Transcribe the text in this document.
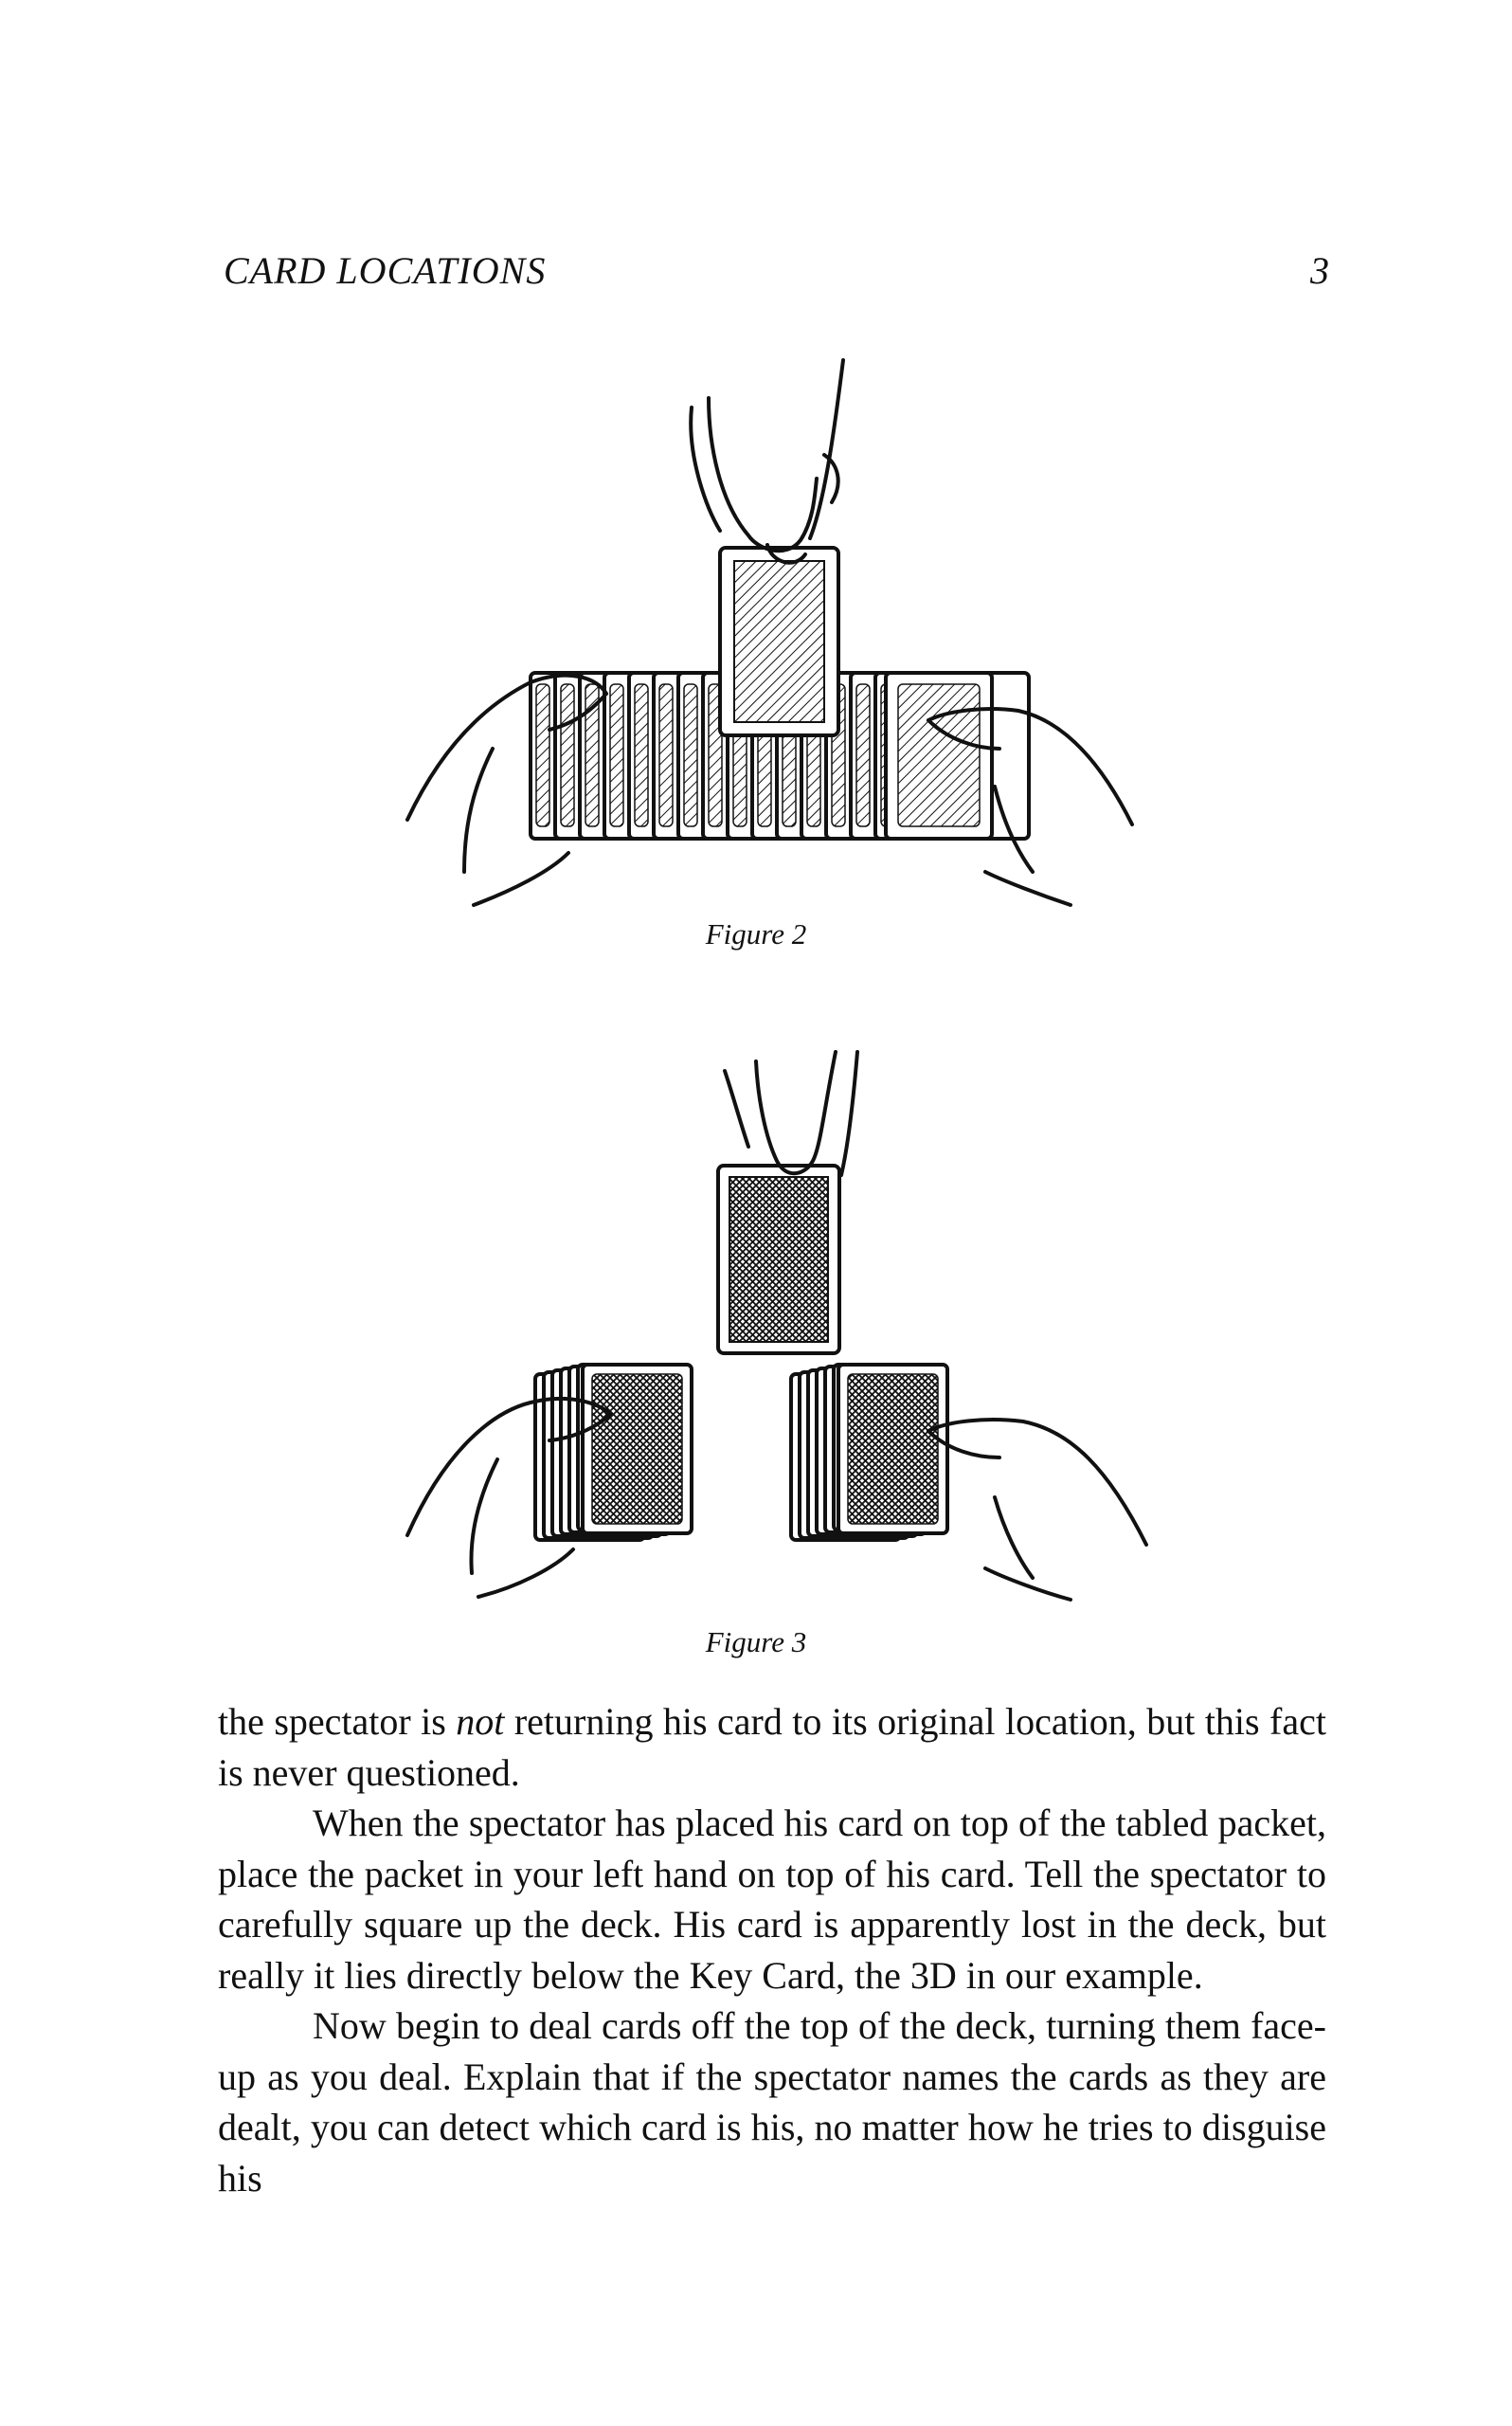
CARD LOCATIONS	3
Figure 2
Figure 3

the spectator is not returning his card to its original location, but this fact is never questioned.

When the spectator has placed his card on top of the tabled packet, place the packet in your left hand on top of his card. Tell the spectator to carefully square up the deck. His card is apparently lost in the deck, but really it lies directly below the Key Card, the 3D in our example.

Now begin to deal cards off the top of the deck, turning them face-up as you deal. Explain that if the spectator names the cards as they are dealt, you can detect which card is his, no matter how he tries to disguise his
